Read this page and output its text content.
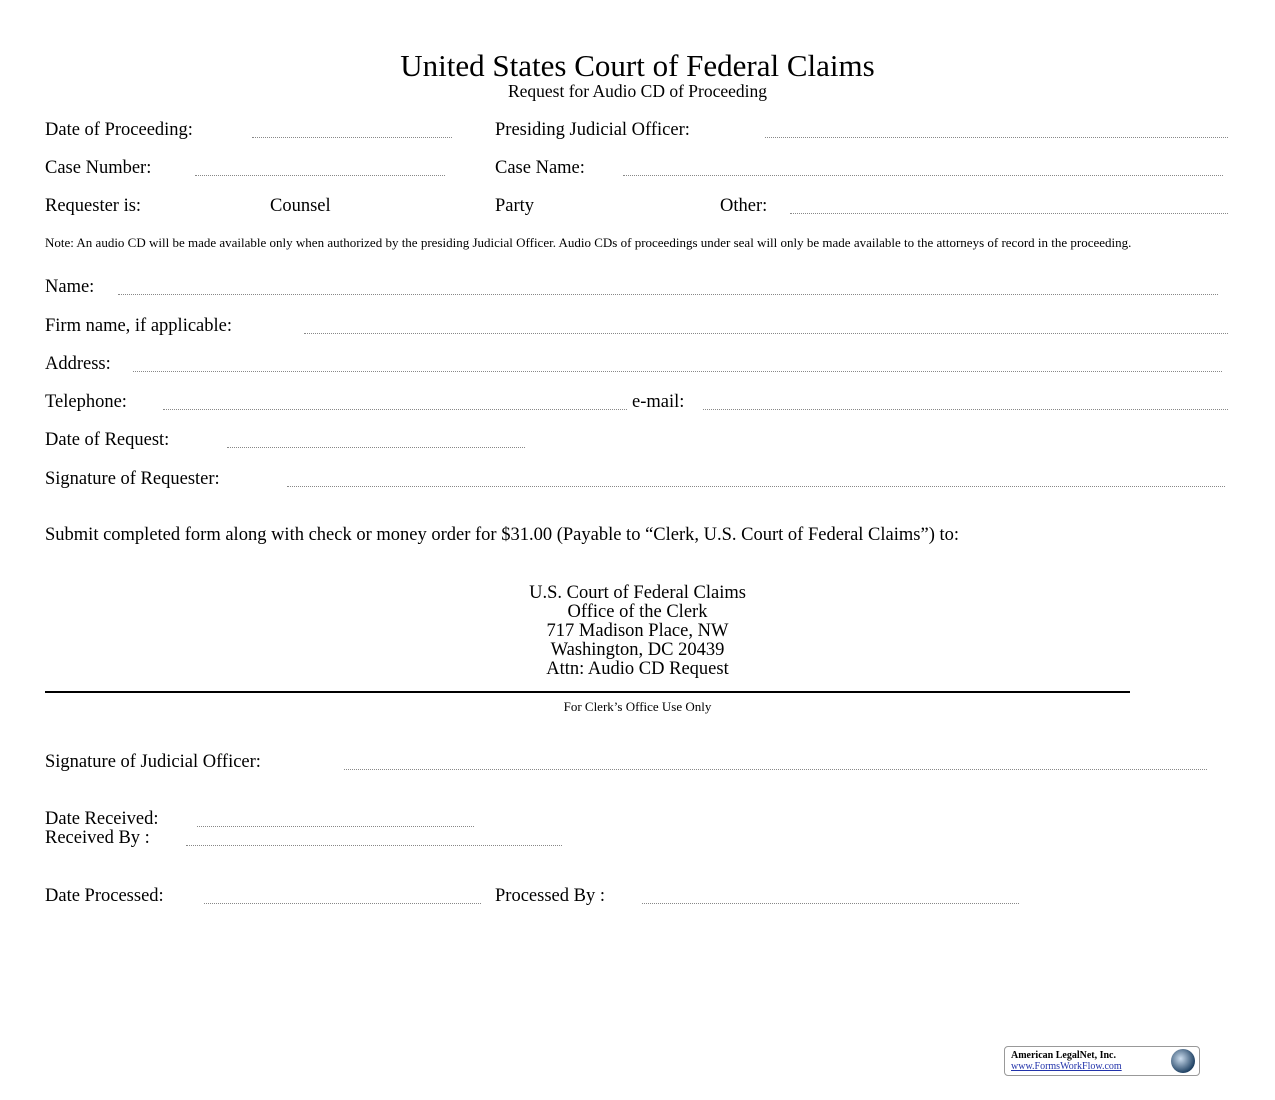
United States Court of Federal Claims
Request for Audio CD of Proceeding
Date of Proceeding:	Presiding Judicial Officer:
Case Number:	Case Name:
Requester is:	Counsel	Party	Other:
Note: An audio CD will be made available only when authorized by the presiding Judicial Officer. Audio CDs of proceedings under seal will only be made available to the attorneys of record in the proceeding.
Name:
Firm name, if applicable:
Address:
Telephone:	e-mail:
Date of Request:
Signature of Requester:
Submit completed form along with check or money order for $31.00 (Payable to “Clerk, U.S. Court of Federal Claims”) to:
U.S. Court of Federal Claims
Office of the Clerk
717 Madison Place, NW
Washington, DC 20439
Attn: Audio CD Request
For Clerk’s Office Use Only
Signature of Judicial Officer:
Date Received:
Received By :
Date Processed:	Processed By :
American LegalNet, Inc.
www.FormsWorkFlow.com
